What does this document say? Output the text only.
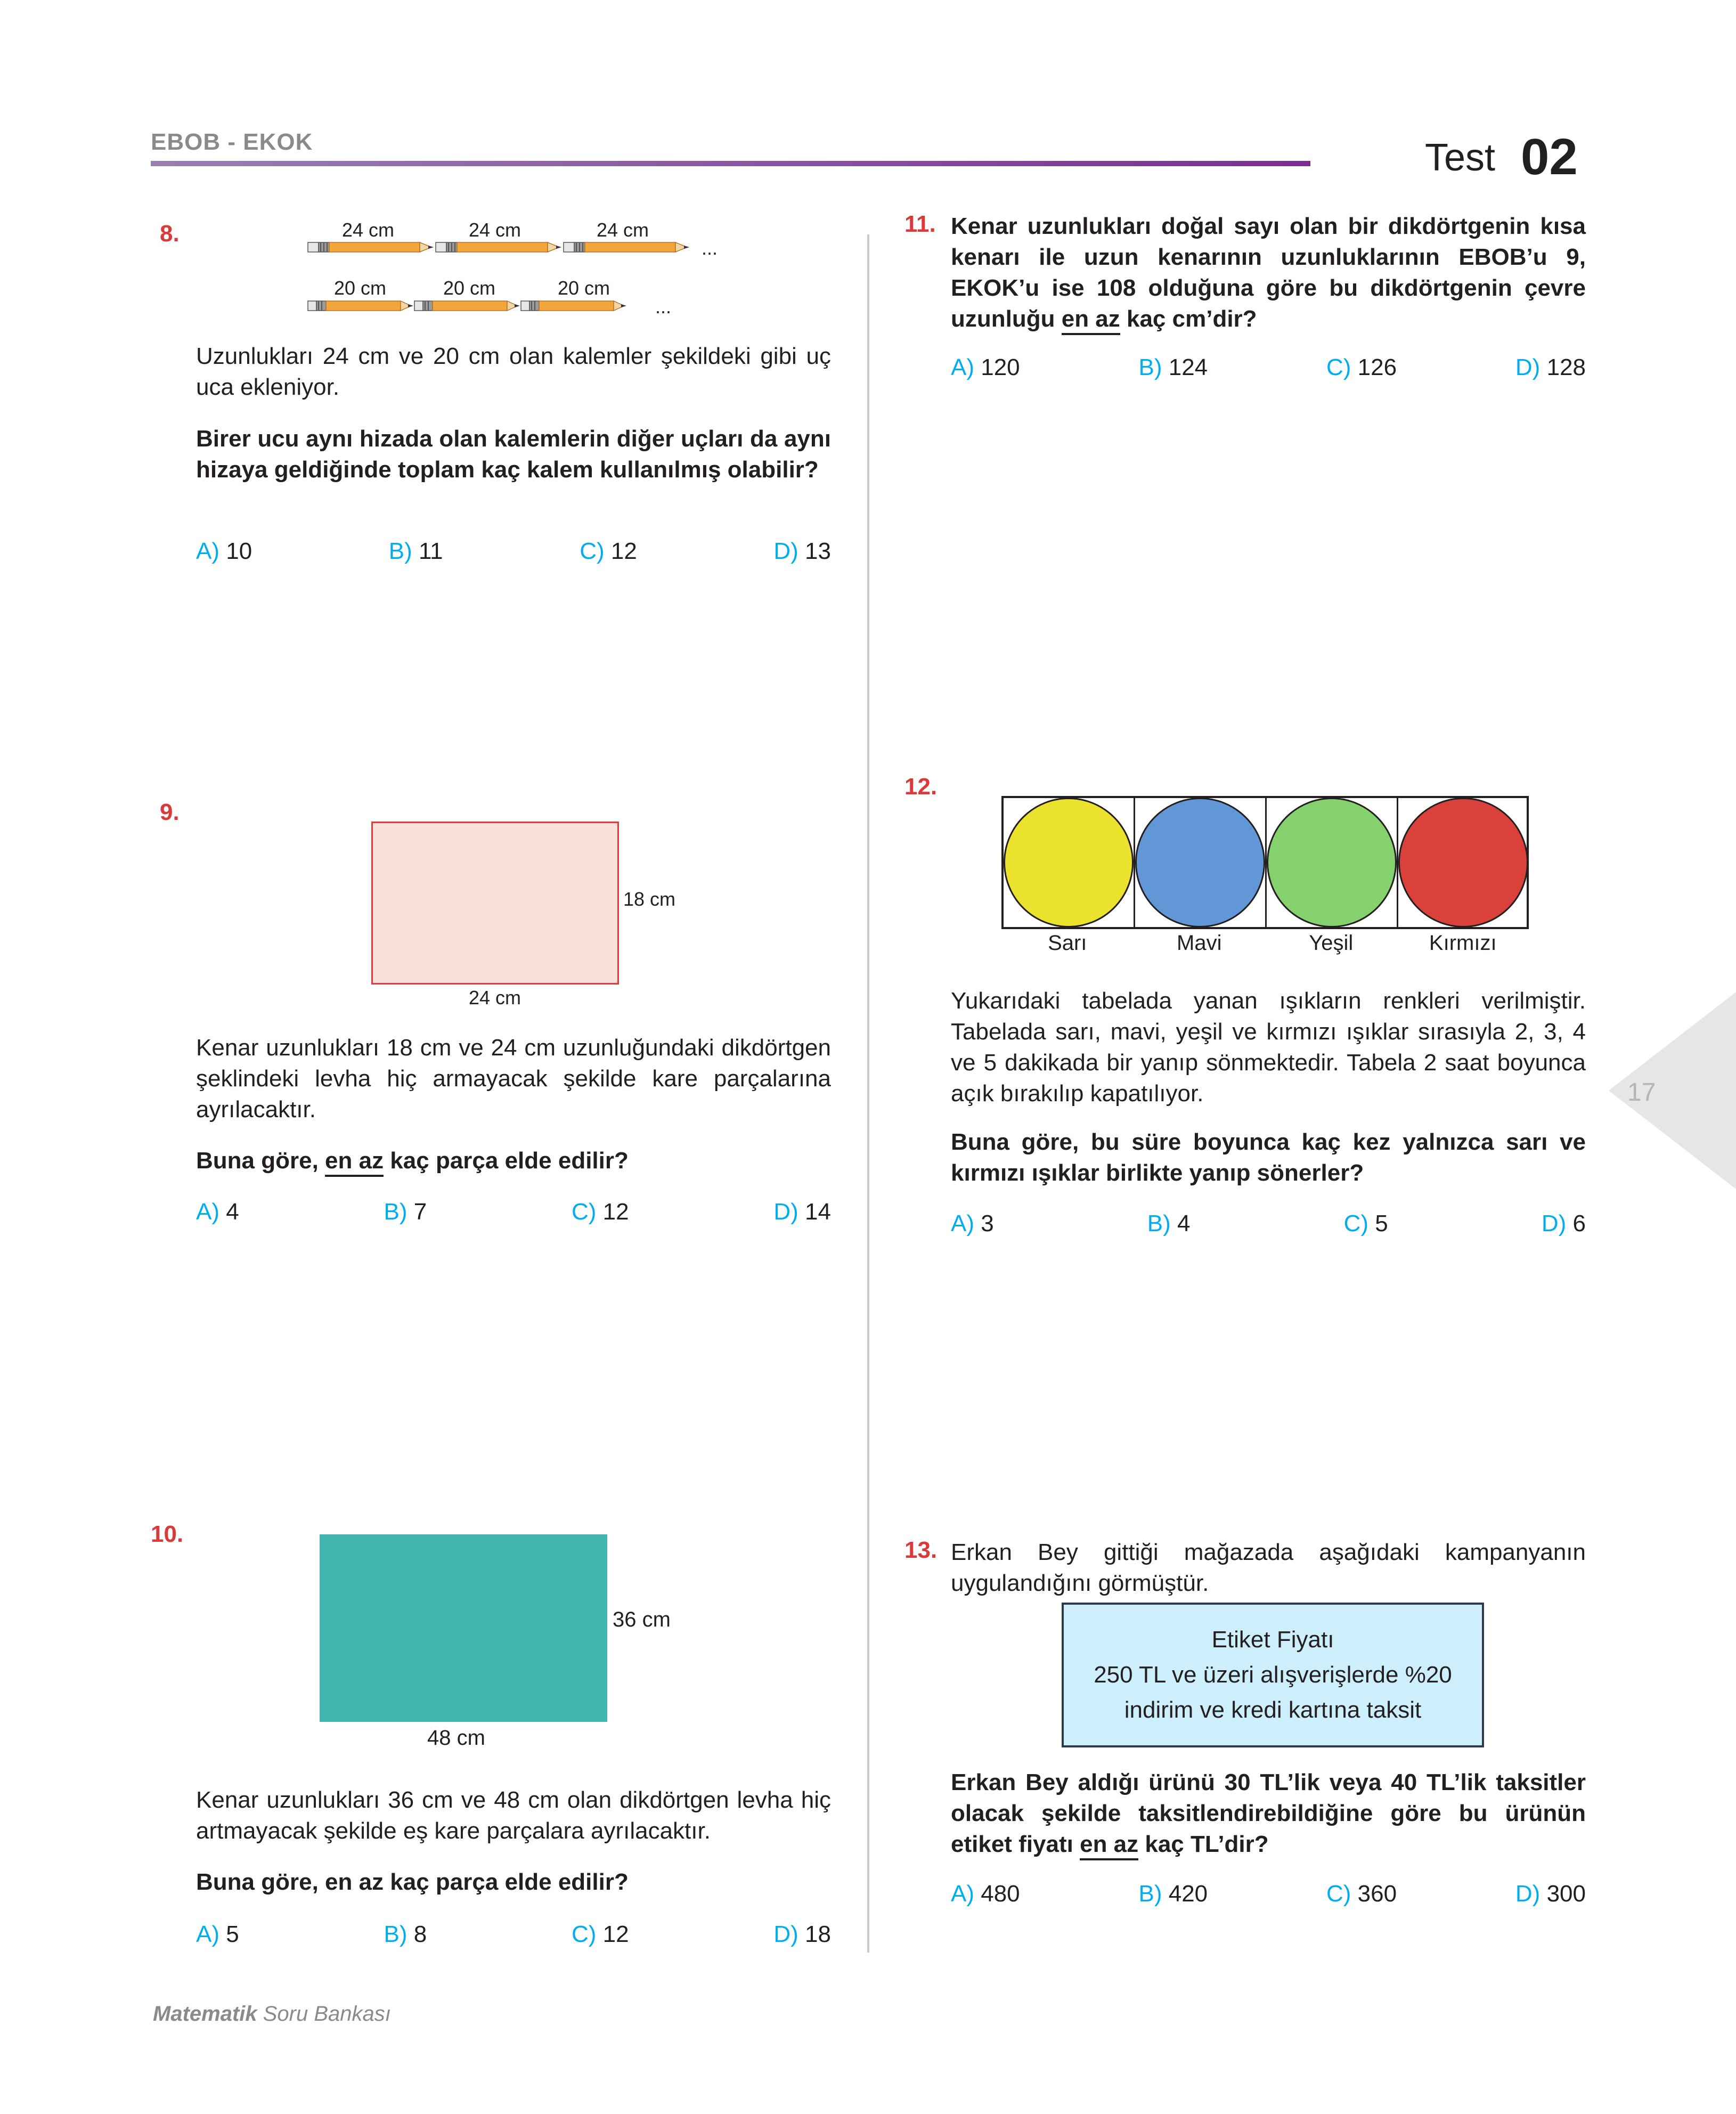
EBOB - EKOK	Test 02
8.	24 cm	24 cm	24 cm
...
20 cm	20 cm	20 cm
...
Uzunlukları 24 cm ve 20 cm olan kalemler şekildeki gibi uç uca ekleniyor.
Birer ucu aynı hizada olan kalemlerin diğer uçları da aynı hizaya geldiğinde toplam kaç kalem kullanılmış olabilir?
A) 10	B) 11	C) 12	D) 13
9.
18 cm
24 cm
Kenar uzunlukları 18 cm ve 24 cm uzunluğundaki dikdörtgen şeklindeki levha hiç armayacak şekilde kare parçalarına ayrılacaktır.
Buna göre, en az kaç parça elde edilir?
A) 4	B) 7	C) 12	D) 14
10.
36 cm
48 cm
Kenar uzunlukları 36 cm ve 48 cm olan dikdörtgen levha hiç artmayacak şekilde eş kare parçalara ayrılacaktır.
Buna göre, en az kaç parça elde edilir?
A) 5	B) 8	C) 12	D) 18
11. Kenar uzunlukları doğal sayı olan bir dikdörtgenin kısa kenarı ile uzun kenarının uzunluklarının EBOB’u 9, EKOK’u ise 108 olduğuna göre bu dikdörtgenin çevre uzunluğu en az kaç cm’dir?
A) 120	B) 124	C) 126	D) 128
12.
Sarı	Mavi	Yeşil	Kırmızı
Yukarıdaki tabelada yanan ışıkların renkleri verilmiştir. Tabelada sarı, mavi, yeşil ve kırmızı ışıklar sırasıyla 2, 3, 4 ve 5 dakikada bir yanıp sönmektedir. Tabela 2 saat boyunca açık bırakılıp kapatılıyor.
Buna göre, bu süre boyunca kaç kez yalnızca sarı ve kırmızı ışıklar birlikte yanıp sönerler?
A) 3	B) 4	C) 5	D) 6
13. Erkan Bey gittiği mağazada aşağıdaki kampanyanın uygulandığını görmüştür.
Etiket Fiyatı
250 TL ve üzeri alışverişlerde %20
indirim ve kredi kartına taksit
Erkan Bey aldığı ürünü 30 TL’lik veya 40 TL’lik taksitler olacak şekilde taksitlendirebildiğine göre bu ürünün etiket fiyatı en az kaç TL’dir?
A) 480	B) 420	C) 360	D) 300
17
Matematik Soru Bankası
